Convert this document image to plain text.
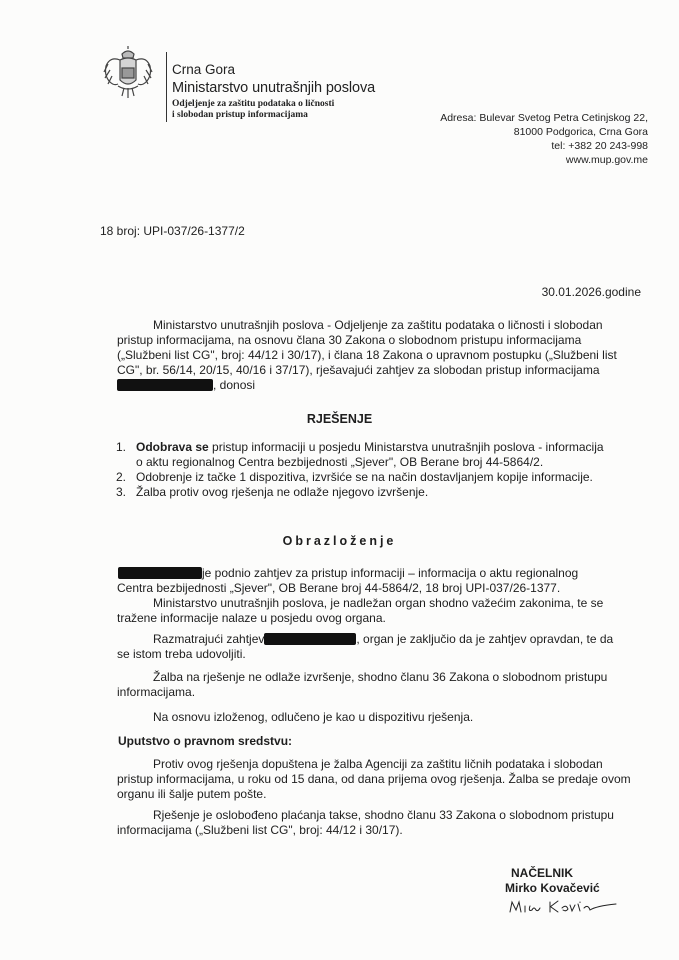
Crna Gora
Ministarstvo unutrašnjih poslova
Odjeljenje za zaštitu podataka o ličnosti
i slobodan pristup informacijama	Adresa: Bulevar Svetog Petra Cetinjskog 22,
81000 Podgorica, Crna Gora
tel: +382 20 243-998
www.mup.gov.me
18 broj: UPI-037/26-1377/2
30.01.2026.godine
Ministarstvo unutrašnjih poslova - Odjeljenje za zaštitu podataka o ličnosti i slobodan
pristup informacijama, na osnovu člana 30 Zakona o slobodnom pristupu informacijama
(„Službeni list CG", broj: 44/12 i 30/17), i člana 18 Zakona o upravnom postupku („Službeni list
CG", br. 56/14, 20/15, 40/16 i 37/17), rješavajući zahtjev za slobodan pristup informacijama
, donosi
RJEŠENJE
1. Odobrava se pristup informaciji u posjedu Ministarstva unutrašnjih poslova - informacija
o aktu regionalnog Centra bezbijednosti „Sjever", OB Berane broj 44-5864/2.
2. Odobrenje iz tačke 1 dispozitiva, izvršiće se na način dostavljanjem kopije informacije.
3. Žalba protiv ovog rješenja ne odlaže njegovo izvršenje.
Obrazloženje
je podnio zahtjev za pristup informaciji – informacija o aktu regionalnog
Centra bezbijednosti „Sjever", OB Berane broj 44-5864/2, 18 broj UPI-037/26-1377.
Ministarstvo unutrašnjih poslova, je nadležan organ shodno važećim zakonima, te se
tražene informacije nalaze u posjedu ovog organa.
Razmatrajući zahtjev	, organ je zaključio da je zahtjev opravdan, te da
se istom treba udovoljiti.
Žalba na rješenje ne odlaže izvršenje, shodno članu 36 Zakona o slobodnom pristupu
informacijama.
Na osnovu izloženog, odlučeno je kao u dispozitivu rješenja.
Uputstvo o pravnom sredstvu:
Protiv ovog rješenja dopuštena je žalba Agenciji za zaštitu ličnih podataka i slobodan
pristup informacijama, u roku od 15 dana, od dana prijema ovog rješenja. Žalba se predaje ovom
organu ili šalje putem pošte.
Rješenje je oslobođeno plaćanja takse, shodno članu 33 Zakona o slobodnom pristupu
informacijama („Službeni list CG", broj: 44/12 i 30/17).
NAČELNIK
Mirko Kovačević
